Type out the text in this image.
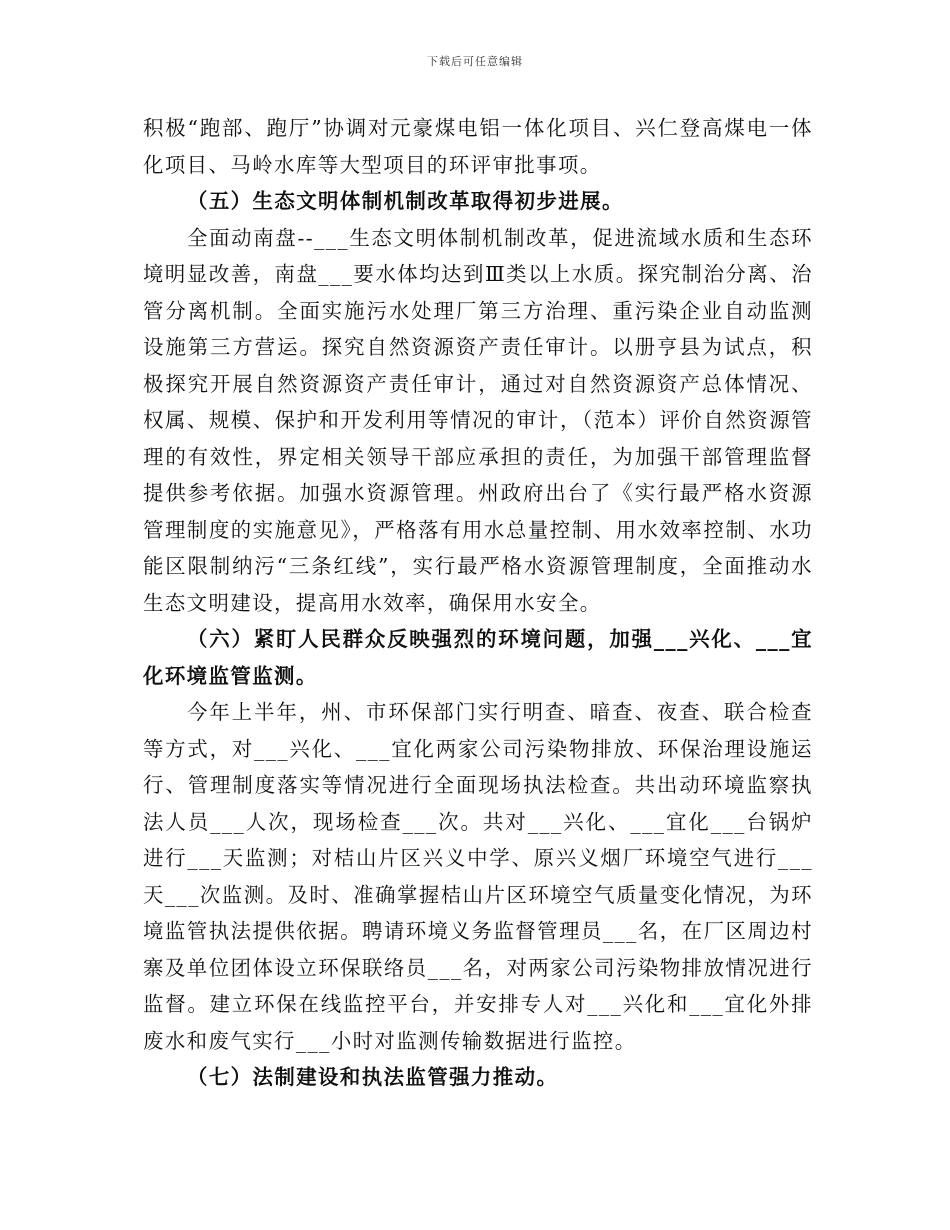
下载后可任意编辑

积极“跑部、跑厅”协调对元豪煤电铝一体化项目、兴仁登高煤电一体化项目、马岭水库等大型项目的环评审批事项。

（五）生态文明体制机制改革取得初步进展。

全面动南盘--___生态文明体制机制改革，促进流域水质和生态环境明显改善，南盘___要水体均达到Ⅲ类以上水质。探究制治分离、治管分离机制。全面实施污水处理厂第三方治理、重污染企业自动监测设施第三方营运。探究自然资源资产责任审计。以册亨县为试点，积极探究开展自然资源资产责任审计，通过对自然资源资产总体情况、权属、规模、保护和开发利用等情况的审计，（范本）评价自然资源管理的有效性，界定相关领导干部应承担的责任，为加强干部管理监督提供参考依据。加强水资源管理。州政府出台了《实行最严格水资源管理制度的实施意见》，严格落有用水总量控制、用水效率控制、水功能区限制纳污“三条红线”，实行最严格水资源管理制度，全面推动水生态文明建设，提高用水效率，确保用水安全。

（六）紧盯人民群众反映强烈的环境问题，加强___兴化、___宜化环境监管监测。

今年上半年，州、市环保部门实行明查、暗查、夜查、联合检查等方式，对___兴化、___宜化两家公司污染物排放、环保治理设施运行、管理制度落实等情况进行全面现场执法检查。共出动环境监察执法人员___人次，现场检查___次。共对___兴化、___宜化___台锅炉进行___天监测；对桔山片区兴义中学、原兴义烟厂环境空气进行___天___次监测。及时、准确掌握桔山片区环境空气质量变化情况，为环境监管执法提供依据。聘请环境义务监督管理员___名，在厂区周边村寨及单位团体设立环保联络员___名，对两家公司污染物排放情况进行监督。建立环保在线监控平台，并安排专人对___兴化和___宜化外排废水和废气实行___小时对监测传输数据进行监控。

（七）法制建设和执法监管强力推动。
